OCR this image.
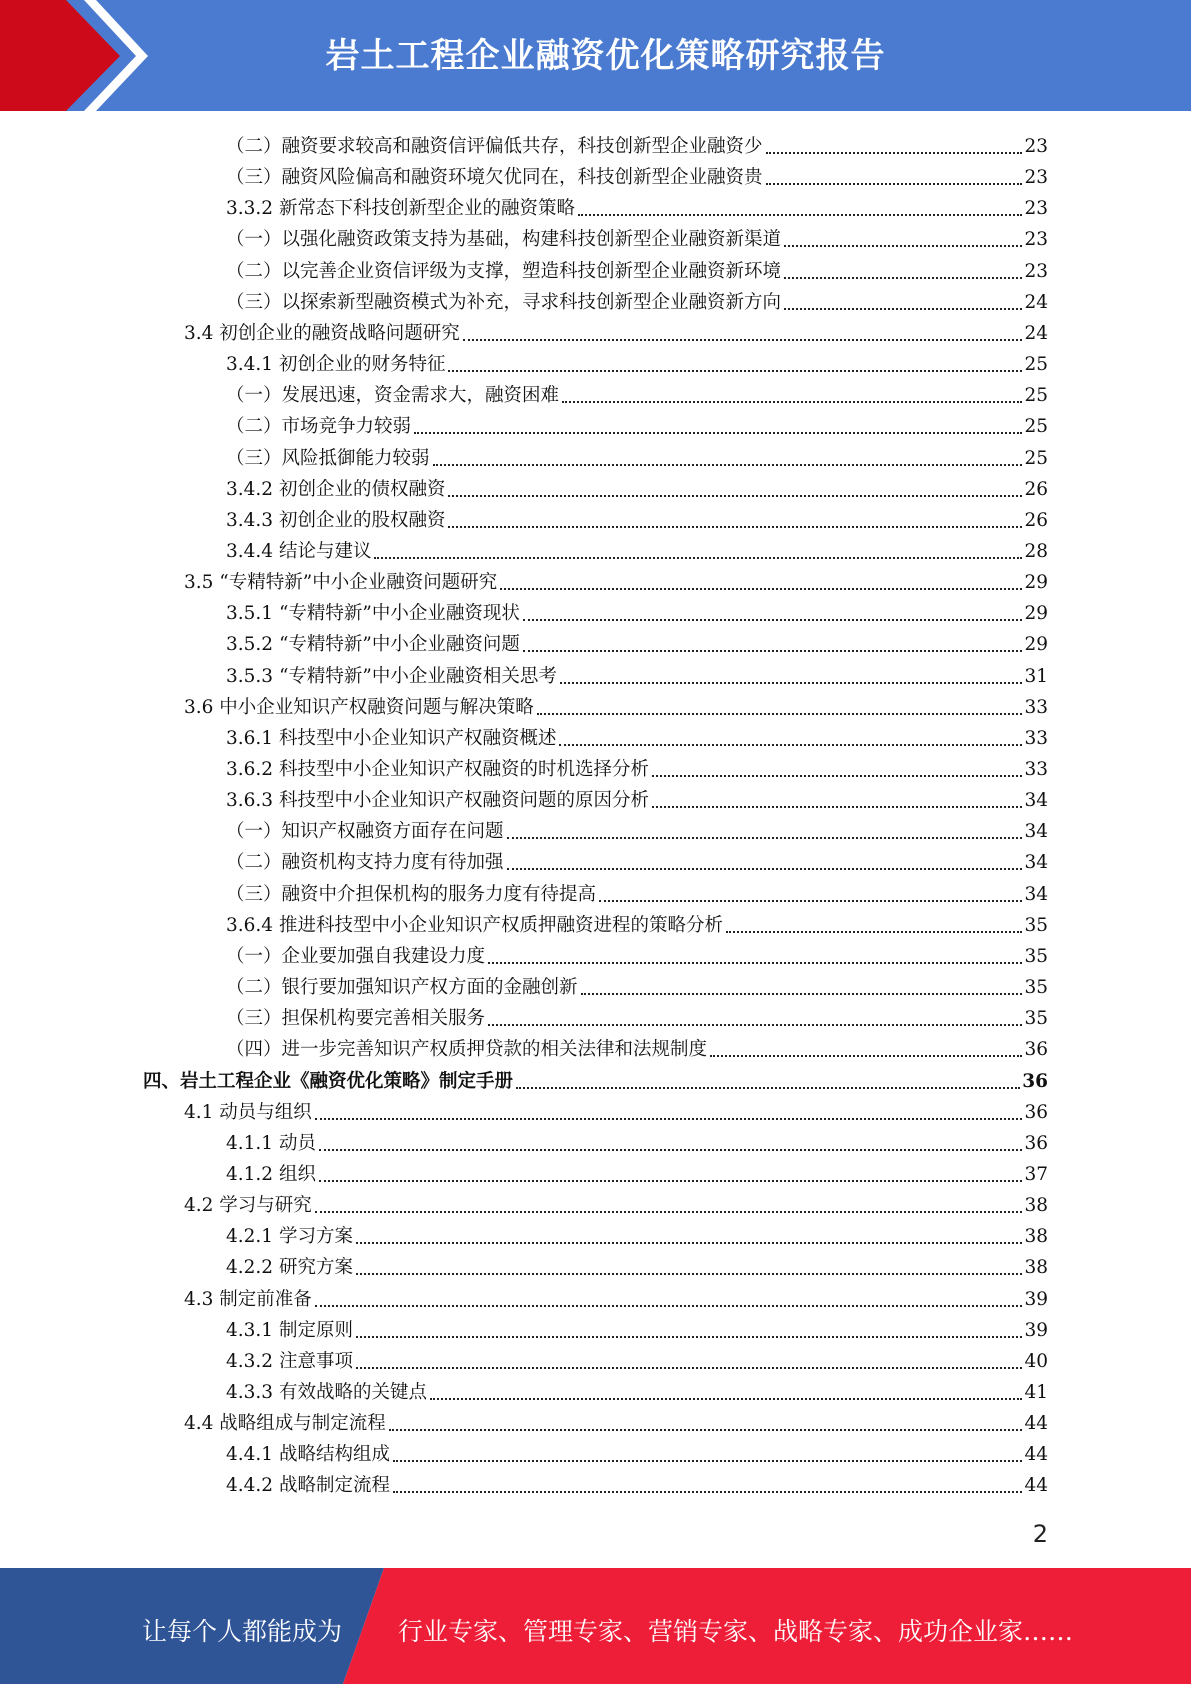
岩土工程企业融资优化策略研究报告
（二）融资要求较高和融资信评偏低共存，科技创新型企业融资少	23
（三）融资风险偏高和融资环境欠优同在，科技创新型企业融资贵	23
3.3.2 新常态下科技创新型企业的融资策略	23
（一）以强化融资政策支持为基础，构建科技创新型企业融资新渠道	23
（二）以完善企业资信评级为支撑，塑造科技创新型企业融资新环境	23
（三）以探索新型融资模式为补充，寻求科技创新型企业融资新方向	24
3.4 初创企业的融资战略问题研究	24
3.4.1 初创企业的财务特征	25
（一）发展迅速，资金需求大，融资困难	25
（二）市场竞争力较弱	25
（三）风险抵御能力较弱	25
3.4.2 初创企业的债权融资	26
3.4.3 初创企业的股权融资	26
3.4.4 结论与建议	28
3.5 “专精特新”中小企业融资问题研究	29
3.5.1 “专精特新”中小企业融资现状	29
3.5.2 “专精特新”中小企业融资问题	29
3.5.3 “专精特新”中小企业融资相关思考	31
3.6 中小企业知识产权融资问题与解决策略	33
3.6.1 科技型中小企业知识产权融资概述	33
3.6.2 科技型中小企业知识产权融资的时机选择分析	33
3.6.3 科技型中小企业知识产权融资问题的原因分析	34
（一）知识产权融资方面存在问题	34
（二）融资机构支持力度有待加强	34
（三）融资中介担保机构的服务力度有待提高	34
3.6.4 推进科技型中小企业知识产权质押融资进程的策略分析	35
（一）企业要加强自我建设力度	35
（二）银行要加强知识产权方面的金融创新	35
（三）担保机构要完善相关服务	35
（四）进一步完善知识产权质押贷款的相关法律和法规制度	36
四、岩土工程企业《融资优化策略》制定手册	36
4.1 动员与组织	36
4.1.1 动员	36
4.1.2 组织	37
4.2 学习与研究	38
4.2.1 学习方案	38
4.2.2 研究方案	38
4.3 制定前准备	39
4.3.1 制定原则	39
4.3.2 注意事项	40
4.3.3 有效战略的关键点	41
4.4 战略组成与制定流程	44
4.4.1 战略结构组成	44
4.4.2 战略制定流程	44
2
让每个人都能成为 行业专家、管理专家、营销专家、战略专家、成功企业家……
